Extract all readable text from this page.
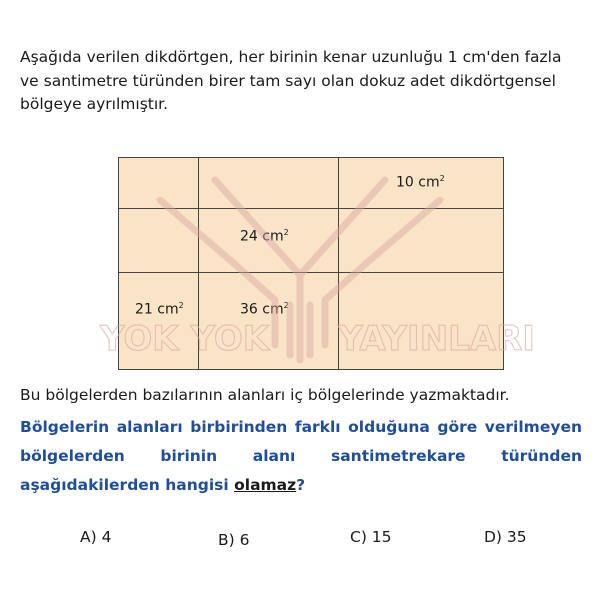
Aşağıda verilen dikdörtgen, her birinin kenar uzunluğu 1 cm'den fazla
ve santimetre türünden birer tam sayı olan dokuz adet dikdörtgensel
bölgeye ayrılmıştır.

10 $cm^2$
24 $cm^2$
21 $cm^2$	36 $cm^2$
YOK YOK YAYINLARI

Bu bölgelerden bazılarının alanları iç bölgelerinde yazmaktadır.

Bölgelerin alanları birbirinden farklı olduğuna göre verilmeyen bölgelerden birinin alanı santimetrekare türünden aşağıdakilerden hangisi olamaz?

A) 4	B) 6	C) 15	D) 35
